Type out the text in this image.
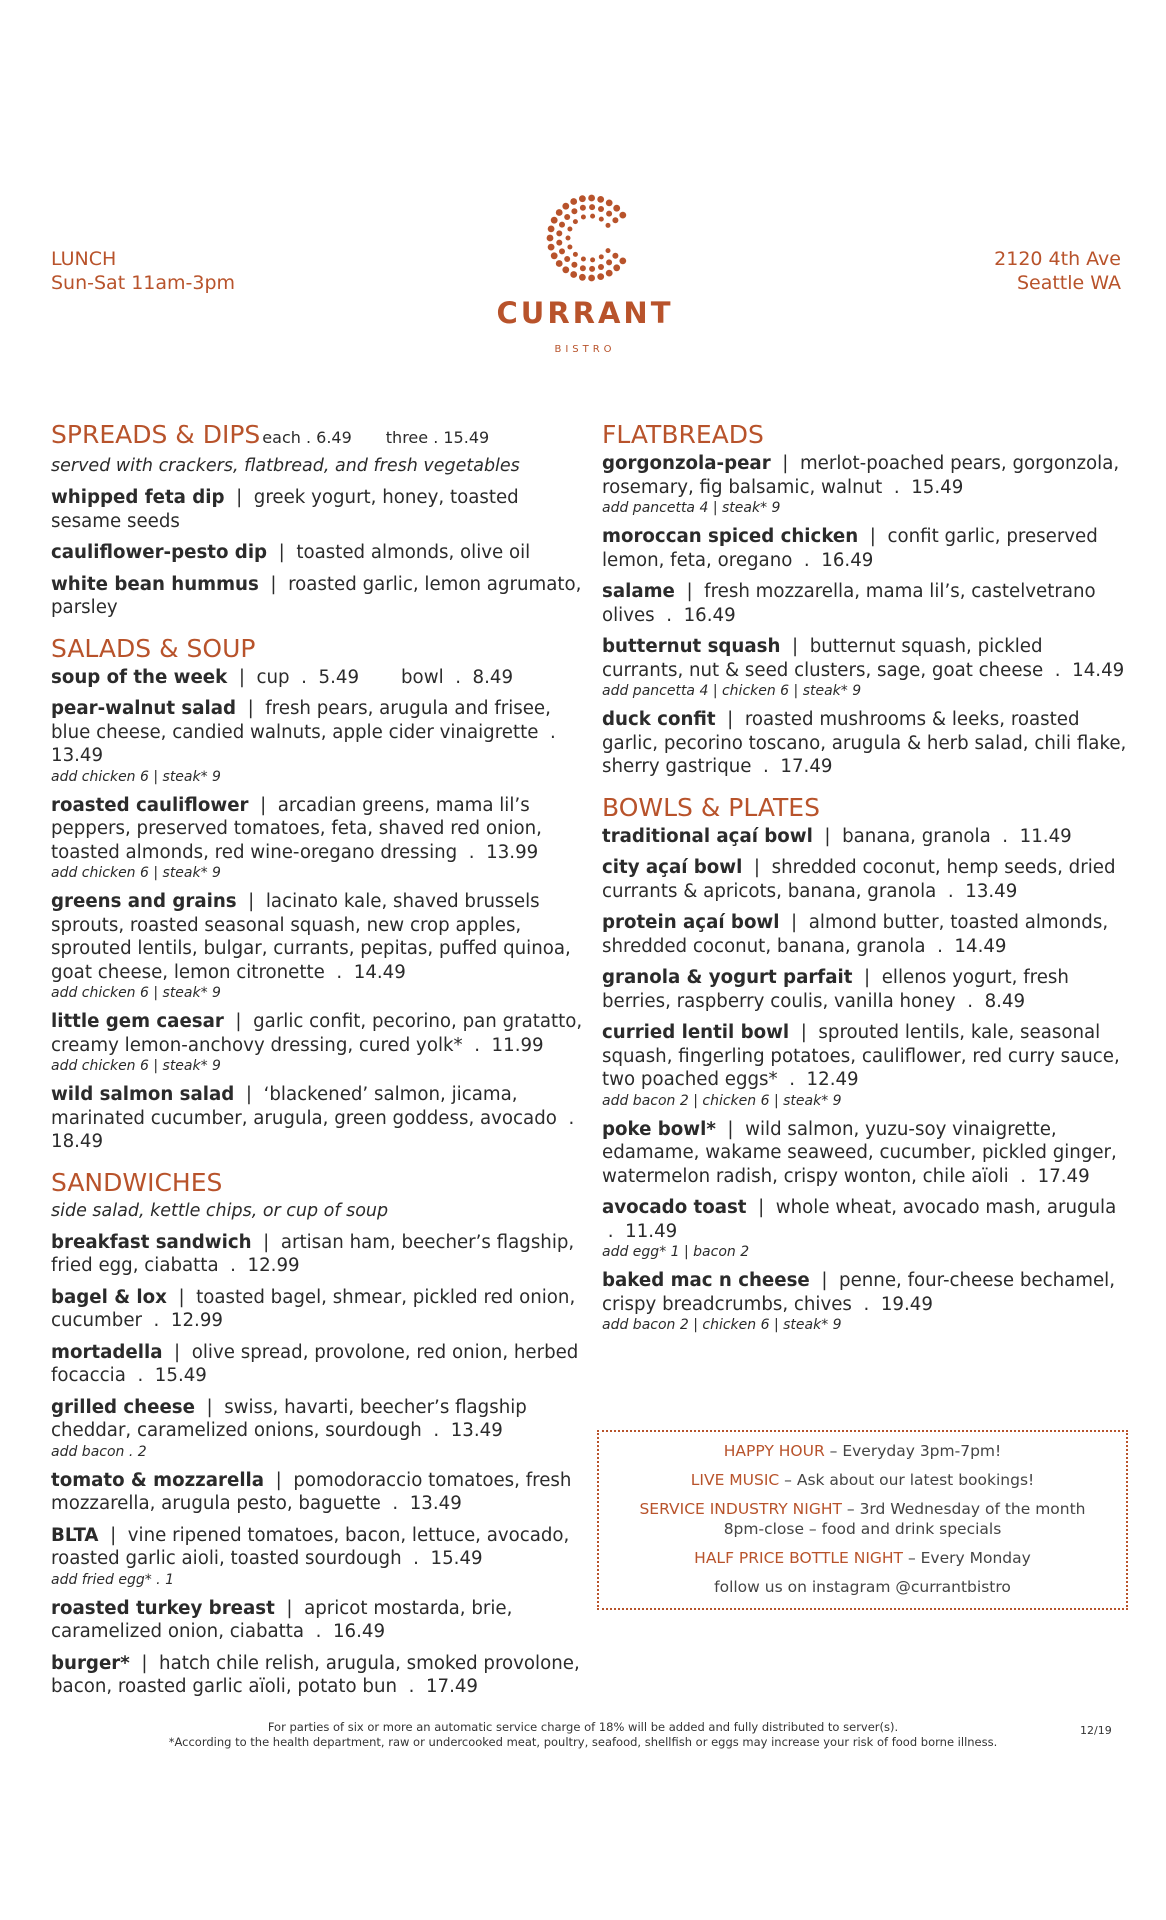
LUNCH
Sun-Sat 11am-3pm
CURRANT
BISTRO
2120 4th Ave
Seattle WA
SPREADS & DIPS each . 6.49 three . 15.49
served with crackers, flatbread, and fresh vegetables
whipped feta dip  |  greek yogurt, honey, toasted sesame seeds
cauliflower-pesto dip  |  toasted almonds, olive oil
white bean hummus  |  roasted garlic, lemon agrumato, parsley
SALADS & SOUP
soup of the week  |  cup  .  5.49 bowl  .  8.49
pear-walnut salad  |  fresh pears, arugula and frisee, blue cheese, candied walnuts, apple cider vinaigrette  .  13.49
add chicken 6 | steak* 9
roasted cauliflower  |  arcadian greens, mama lil’s peppers, preserved tomatoes, feta, shaved red onion, toasted almonds, red wine-oregano dressing  .  13.99
add chicken 6 | steak* 9
greens and grains  |  lacinato kale, shaved brussels sprouts, roasted seasonal squash, new crop apples, sprouted lentils, bulgar, currants, pepitas, puffed quinoa, goat cheese, lemon citronette  .  14.49
add chicken 6 | steak* 9
little gem caesar  |  garlic confit, pecorino, pan gratatto, creamy lemon-anchovy dressing, cured yolk*  .  11.99
add chicken 6 | steak* 9
wild salmon salad  |  ‘blackened’ salmon, jicama, marinated cucumber, arugula, green goddess, avocado  .  18.49
SANDWICHES
side salad, kettle chips, or cup of soup
breakfast sandwich  |  artisan ham, beecher’s flagship, fried egg, ciabatta  .  12.99
bagel & lox  |  toasted bagel, shmear, pickled red onion, cucumber  .  12.99
mortadella  |  olive spread, provolone, red onion, herbed focaccia  .  15.49
grilled cheese  |  swiss, havarti, beecher’s flagship cheddar, caramelized onions, sourdough  .  13.49
add bacon . 2
tomato & mozzarella  |  pomodoraccio tomatoes, fresh mozzarella, arugula pesto, baguette  .  13.49
BLTA  |  vine ripened tomatoes, bacon, lettuce, avocado, roasted garlic aioli, toasted sourdough  .  15.49
add fried egg* . 1
roasted turkey breast  |  apricot mostarda, brie, caramelized onion, ciabatta  .  16.49
burger*  |  hatch chile relish, arugula, smoked provolone, bacon, roasted garlic aïoli, potato bun  .  17.49
FLATBREADS
gorgonzola-pear  |  merlot-poached pears, gorgonzola, rosemary, fig balsamic, walnut  .  15.49
add pancetta 4 | steak* 9
moroccan spiced chicken  |  confit garlic, preserved lemon, feta, oregano  .  16.49
salame  |  fresh mozzarella, mama lil’s, castelvetrano olives  .  16.49
butternut squash  |  butternut squash, pickled currants, nut & seed clusters, sage, goat cheese  .  14.49
add pancetta 4 | chicken 6 | steak* 9
duck confit  |  roasted mushrooms & leeks, roasted garlic, pecorino toscano, arugula & herb salad, chili flake, sherry gastrique  .  17.49
BOWLS & PLATES
traditional açaí bowl  |  banana, granola  .  11.49
city açaí bowl  |  shredded coconut, hemp seeds, dried currants & apricots, banana, granola  .  13.49
protein açaí bowl  |  almond butter, toasted almonds, shredded coconut, banana, granola  .  14.49
granola & yogurt parfait  |  ellenos yogurt, fresh berries, raspberry coulis, vanilla honey  .  8.49
curried lentil bowl  |  sprouted lentils, kale, seasonal squash, fingerling potatoes, cauliflower, red curry sauce, two poached eggs*  .  12.49
add bacon 2 | chicken 6 | steak* 9
poke bowl*  |  wild salmon, yuzu-soy vinaigrette, edamame, wakame seaweed, cucumber, pickled ginger, watermelon radish, crispy wonton, chile aïoli  .  17.49
avocado toast  |  whole wheat, avocado mash, arugula  .  11.49
add egg* 1 | bacon 2
baked mac n cheese  |  penne, four-cheese bechamel, crispy breadcrumbs, chives  .  19.49
add bacon 2 | chicken 6 | steak* 9
HAPPY HOUR – Everyday 3pm-7pm!
LIVE MUSIC – Ask about our latest bookings!
SERVICE INDUSTRY NIGHT – 3rd Wednesday of the month
8pm-close – food and drink specials
HALF PRICE BOTTLE NIGHT – Every Monday
follow us on instagram @currantbistro
For parties of six or more an automatic service charge of 18% will be added and fully distributed to server(s).
*According to the health department, raw or undercooked meat, poultry, seafood, shellfish or eggs may increase your risk of food borne illness.
12/19
